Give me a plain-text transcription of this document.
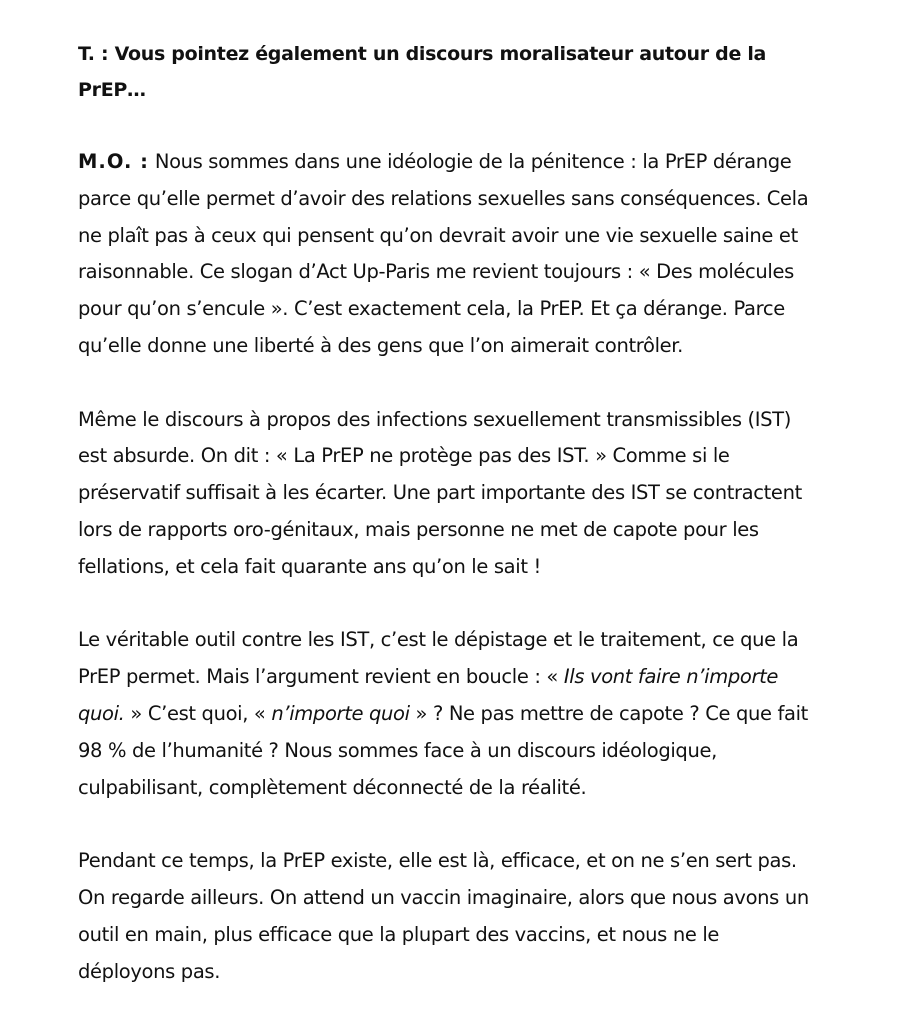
T. : Vous pointez également un discours moralisateur autour de la PrEP…

M.O. : Nous sommes dans une idéologie de la pénitence : la PrEP dérange parce qu’elle permet d’avoir des relations sexuelles sans conséquences. Cela ne plaît pas à ceux qui pensent qu’on devrait avoir une vie sexuelle saine et raisonnable. Ce slogan d’Act Up-Paris me revient toujours : « Des molécules pour qu’on s’encule ». C’est exactement cela, la PrEP. Et ça dérange. Parce qu’elle donne une liberté à des gens que l’on aimerait contrôler.

Même le discours à propos des infections sexuellement transmissibles (IST) est absurde. On dit : « La PrEP ne protège pas des IST. » Comme si le préservatif suffisait à les écarter. Une part importante des IST se contractent lors de rapports oro-génitaux, mais personne ne met de capote pour les fellations, et cela fait quarante ans qu’on le sait !

Le véritable outil contre les IST, c’est le dépistage et le traitement, ce que la PrEP permet. Mais l’argument revient en boucle : « Ils vont faire n’importe quoi. » C’est quoi, « n’importe quoi » ? Ne pas mettre de capote ? Ce que fait 98 % de l’humanité ? Nous sommes face à un discours idéologique, culpabilisant, complètement déconnecté de la réalité.

Pendant ce temps, la PrEP existe, elle est là, efficace, et on ne s’en sert pas. On regarde ailleurs. On attend un vaccin imaginaire, alors que nous avons un outil en main, plus efficace que la plupart des vaccins, et nous ne le déployons pas.
